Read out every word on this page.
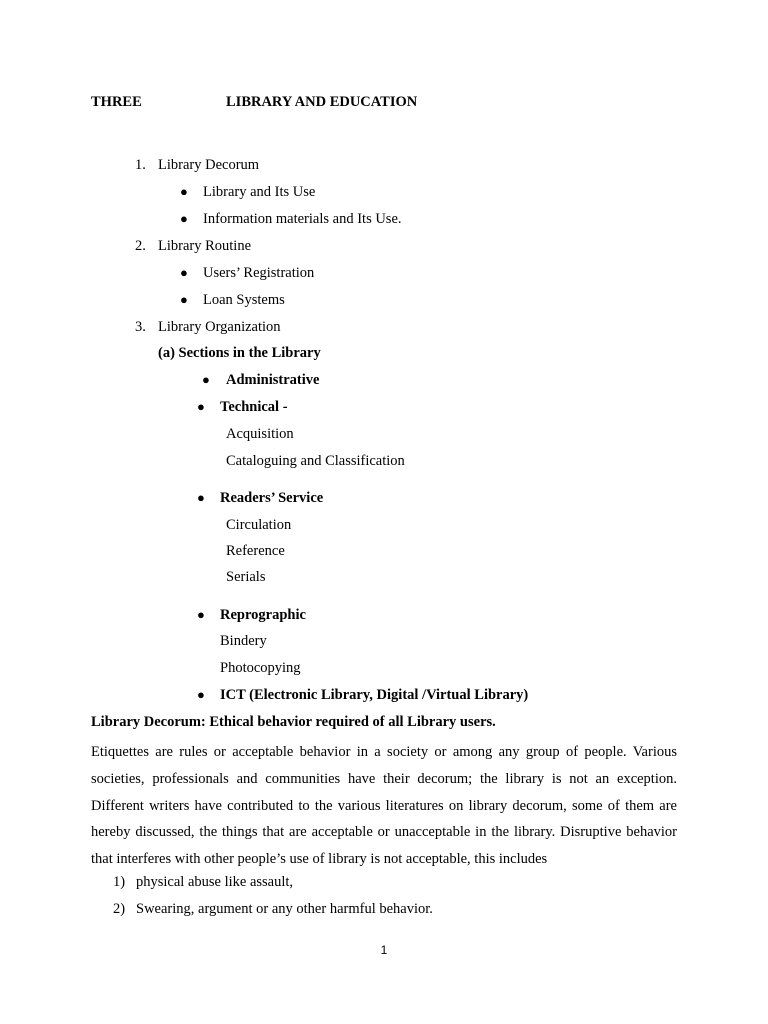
THREE	LIBRARY AND EDUCATION
1. Library Decorum
● Library and Its Use
● Information materials and Its Use.
2. Library Routine
● Users’ Registration
● Loan Systems
3. Library Organization
(a) Sections in the Library
● Administrative
● Technical -
Acquisition
Cataloguing and Classification
● Readers’ Service
Circulation
Reference
Serials
● Reprographic
Bindery
Photocopying
● ICT (Electronic Library, Digital /Virtual Library)
Library Decorum: Ethical behavior required of all Library users.
Etiquettes are rules or acceptable behavior in a society or among any group of people. Various societies, professionals and communities have their decorum; the library is not an exception. Different writers have contributed to the various literatures on library decorum, some of them are hereby discussed, the things that are acceptable or unacceptable in the library. Disruptive behavior that interferes with other people’s use of library is not acceptable, this includes
1) physical abuse like assault,
2) Swearing, argument or any other harmful behavior.
1
